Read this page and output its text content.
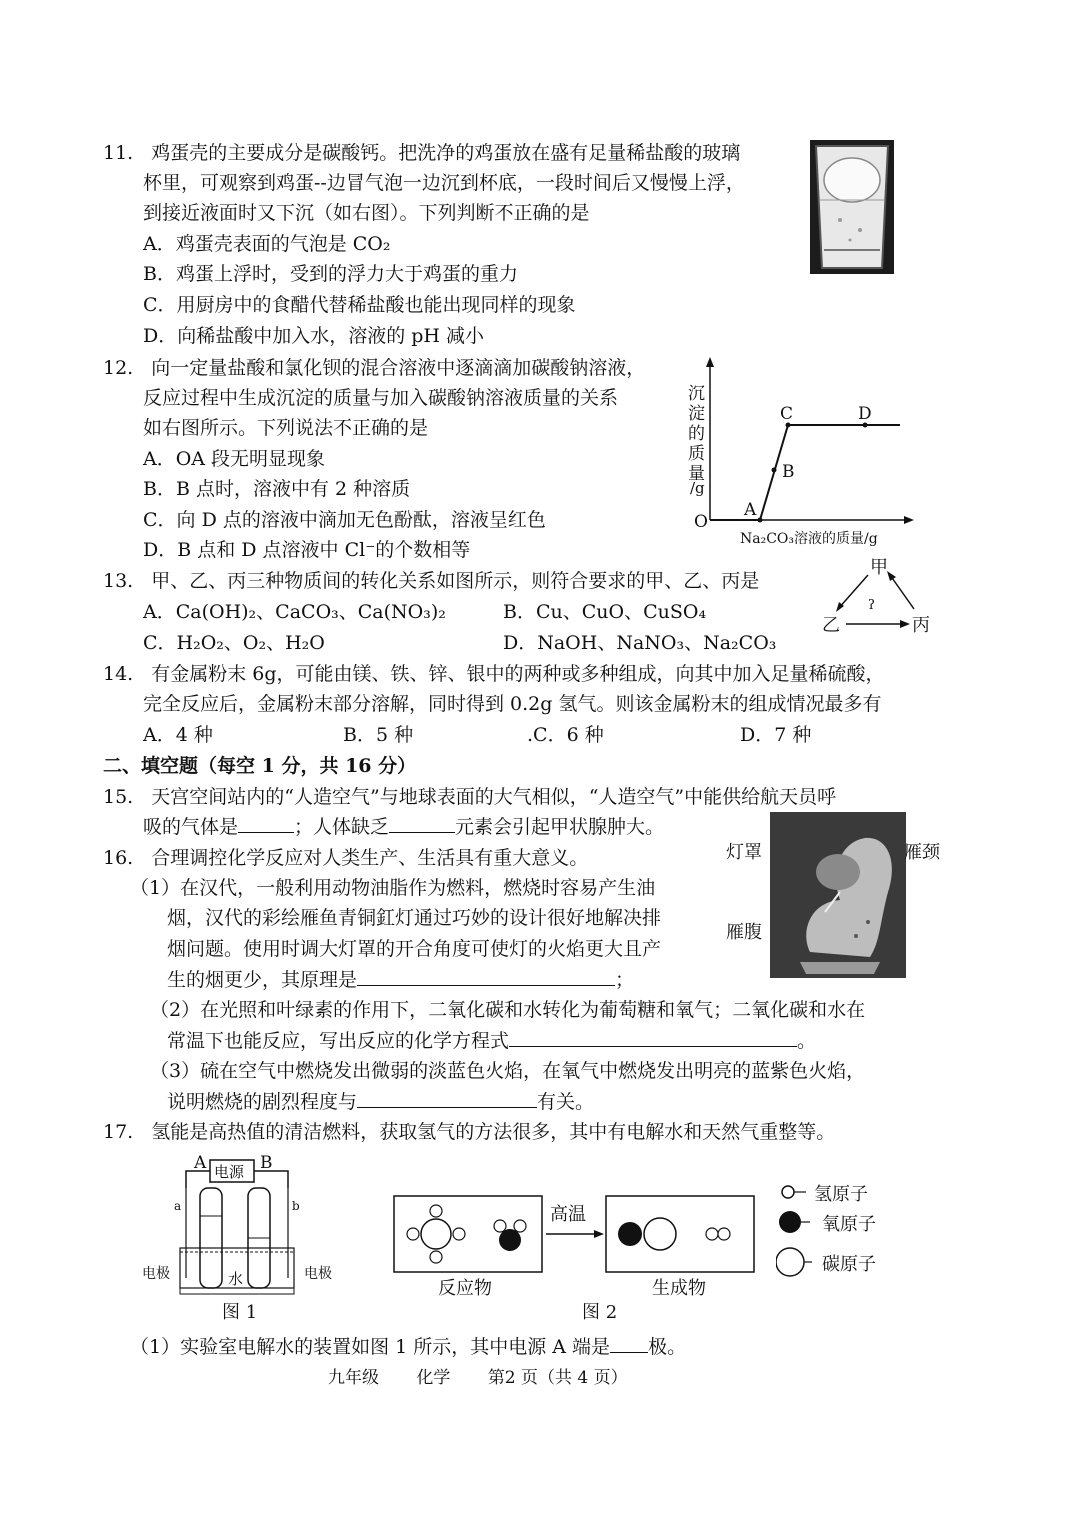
11. 鸡蛋壳的主要成分是碳酸钙。把洗净的鸡蛋放在盛有足量稀盐酸的玻璃
杯里，可观察到鸡蛋--边冒气泡一边沉到杯底，一段时间后又慢慢上浮，
到接近液面时又下沉（如右图）。下列判断不正确的是
A．鸡蛋壳表面的气泡是 CO₂
B．鸡蛋上浮时，受到的浮力大于鸡蛋的重力
C．用厨房中的食醋代替稀盐酸也能出现同样的现象
D．向稀盐酸中加入水，溶液的 pH 减小
12. 向一定量盐酸和氯化钡的混合溶液中逐滴滴加碳酸钠溶液，
反应过程中生成沉淀的质量与加入碳酸钠溶液质量的关系
如右图所示。下列说法不正确的是
A．OA 段无明显现象
B．B 点时，溶液中有 2 种溶质
C．向 D 点的溶液中滴加无色酚酞，溶液呈红色
D．B 点和 D 点溶液中 Cl⁻的个数相等
沉
淀
的
质
量
/g
O
A
B
C	D
Na₂CO₃溶液的质量/g
13. 甲、乙、丙三种物质间的转化关系如图所示，则符合要求的甲、乙、丙是
A．Ca(OH)₂、CaCO₃、Ca(NO₃)₂	B．Cu、CuO、CuSO₄
C．H₂O₂、O₂、H₂O	D．NaOH、NaNO₃、Na₂CO₃
甲
乙	丙
ʔ
14. 有金属粉末 6g，可能由镁、铁、锌、银中的两种或多种组成，向其中加入足量稀硫酸，
完全反应后，金属粉末部分溶解，同时得到 0.2g 氢气。则该金属粉末的组成情况最多有
A．4 种	B．5 种	.C．6 种	D．7 种
二、填空题（每空 1 分，共 16 分）
15. 天宫空间站内的“人造空气”与地球表面的大气相似，“人造空气”中能供给航天员呼
吸的气体是	；人体缺乏	元素会引起甲状腺肿大。
16. 合理调控化学反应对人类生产、生活具有重大意义。
（1）在汉代，一般利用动物油脂作为燃料，燃烧时容易产生油
烟，汉代的彩绘雁鱼青铜釭灯通过巧妙的设计很好地解决排
烟问题。使用时调大灯罩的开合角度可使灯的火焰更大且产
生的烟更少，其原理是	；
（2）在光照和叶绿素的作用下，二氧化碳和水转化为葡萄糖和氧气；二氧化碳和水在
常温下也能反应，写出反应的化学方程式	。
（3）硫在空气中燃烧发出微弱的淡蓝色火焰，在氧气中燃烧发出明亮的蓝紫色火焰，
说明燃烧的剧烈程度与	有关。
灯罩	雁颈
雁腹
17. 氢能是高热值的清洁燃料，获取氢气的方法很多，其中有电解水和天然气重整等。
A	B
电源
a	b
电极	电极
水
图 1
高温
反应物	生成物
图 2
氢原子
氧原子
碳原子
（1）实验室电解水的装置如图 1 所示，其中电源 A 端是 极。
九年级 化学 第2 页（共 4 页）
